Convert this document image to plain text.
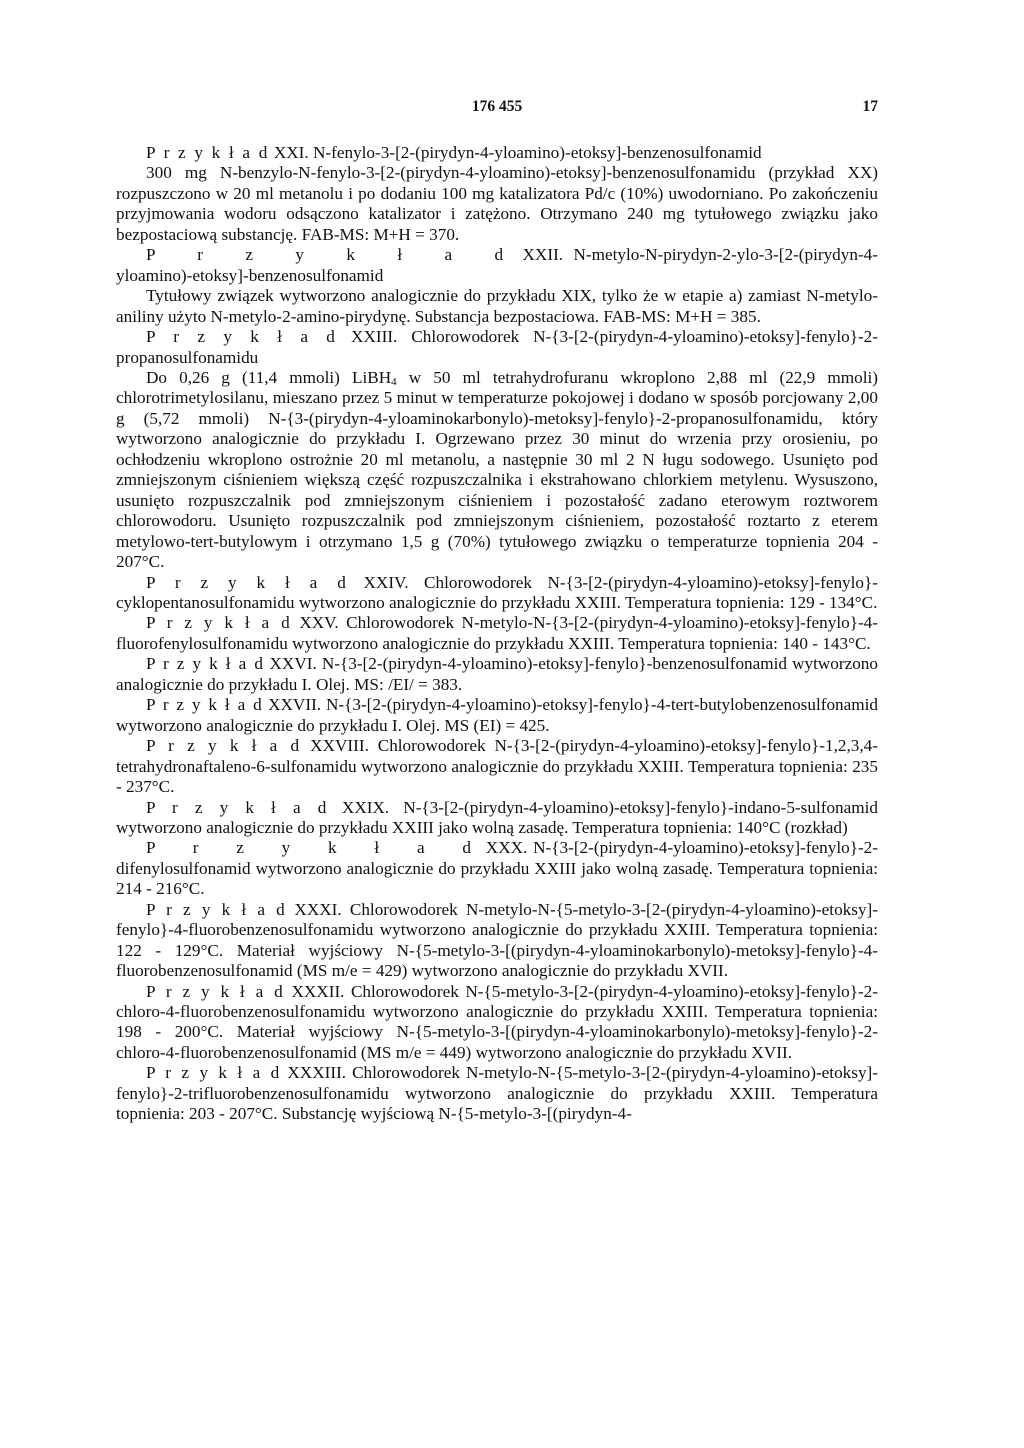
176 455	17

P r z y k ł a d XXI. N-fenylo-3-[2-(pirydyn-4-yloamino)-etoksy]-benzenosulfonamid

300 mg N-benzylo-N-fenylo-3-[2-(pirydyn-4-yloamino)-etoksy]-benzenosulfonamidu (przykład XX) rozpuszczono w 20 ml metanolu i po dodaniu 100 mg katalizatora Pd/c (10%) uwodorniano. Po zakończeniu przyjmowania wodoru odsączono katalizator i zatężono. Otrzymano 240 mg tytułowego związku jako bezpostaciową substancję. FAB-MS: M+H = 370.

P r z y k ł a d XXII. N-metylo-N-pirydyn-2-ylo-3-[2-(pirydyn-4-yloamino)-etoksy]-benzenosulfonamid

Tytułowy związek wytworzono analogicznie do przykładu XIX, tylko że w etapie a) zamiast N-metylo-aniliny użyto N-metylo-2-amino-pirydynę. Substancja bezpostaciowa. FAB-MS: M+H = 385.

P r z y k ł a d XXIII. Chlorowodorek N-{3-[2-(pirydyn-4-yloamino)-etoksy]-fenylo}-2-propanosulfonamidu

Do 0,26 g (11,4 mmoli) LiBH$_4$ w 50 ml tetrahydrofuranu wkroplono 2,88 ml (22,9 mmoli) chlorotrimetylosilanu, mieszano przez 5 minut w temperaturze pokojowej i dodano w sposób porcjowany 2,00 g (5,72 mmoli) N-{3-(pirydyn-4-yloaminokarbonylo)-metoksy]-fenylo}-2-propanosulfonamidu, który wytworzono analogicznie do przykładu I. Ogrzewano przez 30 minut do wrzenia przy orosieniu, po ochłodzeniu wkroplono ostrożnie 20 ml metanolu, a następnie 30 ml 2 N ługu sodowego. Usunięto pod zmniejszonym ciśnieniem większą część rozpuszczalnika i ekstrahowano chlorkiem metylenu. Wysuszono, usunięto rozpuszczalnik pod zmniejszonym ciśnieniem i pozostałość zadano eterowym roztworem chlorowodoru. Usunięto rozpuszczalnik pod zmniejszonym ciśnieniem, pozostałość roztarto z eterem metylowo-tert-butylowym i otrzymano 1,5 g (70%) tytułowego związku o temperaturze topnienia 204 - 207°C.

P r z y k ł a d XXIV. Chlorowodorek N-{3-[2-(pirydyn-4-yloamino)-etoksy]-fenylo}-cyklopentanosulfonamidu wytworzono analogicznie do przykładu XXIII. Temperatura topnienia: 129 - 134°C.

P r z y k ł a d XXV. Chlorowodorek N-metylo-N-{3-[2-(pirydyn-4-yloamino)-etoksy]-fenylo}-4-fluorofenylosulfonamidu wytworzono analogicznie do przykładu XXIII. Temperatura topnienia: 140 - 143°C.

P r z y k ł a d XXVI. N-{3-[2-(pirydyn-4-yloamino)-etoksy]-fenylo}-benzenosulfonamid wytworzono analogicznie do przykładu I. Olej. MS: /EI/ = 383.

P r z y k ł a d XXVII. N-{3-[2-(pirydyn-4-yloamino)-etoksy]-fenylo}-4-tert-butylobenzenosulfonamid wytworzono analogicznie do przykładu I. Olej. MS (EI) = 425.

P r z y k ł a d XXVIII. Chlorowodorek N-{3-[2-(pirydyn-4-yloamino)-etoksy]-fenylo}-1,2,3,4-tetrahydronaftaleno-6-sulfonamidu wytworzono analogicznie do przykładu XXIII. Temperatura topnienia: 235 - 237°C.

P r z y k ł a d XXIX. N-{3-[2-(pirydyn-4-yloamino)-etoksy]-fenylo}-indano-5-sulfonamid wytworzono analogicznie do przykładu XXIII jako wolną zasadę. Temperatura topnienia: 140°C (rozkład)

P r z y k ł a d XXX. N-{3-[2-(pirydyn-4-yloamino)-etoksy]-fenylo}-2-difenylosulfonamid wytworzono analogicznie do przykładu XXIII jako wolną zasadę. Temperatura topnienia: 214 - 216°C.

P r z y k ł a d XXXI. Chlorowodorek N-metylo-N-{5-metylo-3-[2-(pirydyn-4-yloamino)-etoksy]-fenylo}-4-fluorobenzenosulfonamidu wytworzono analogicznie do przykładu XXIII. Temperatura topnienia: 122 - 129°C. Materiał wyjściowy N-{5-metylo-3-[(pirydyn-4-yloaminokarbonylo)-metoksy]-fenylo}-4-fluorobenzenosulfonamid (MS m/e = 429) wytworzono analogicznie do przykładu XVII.

P r z y k ł a d XXXII. Chlorowodorek N-{5-metylo-3-[2-(pirydyn-4-yloamino)-etoksy]-fenylo}-2-chloro-4-fluorobenzenosulfonamidu wytworzono analogicznie do przykładu XXIII. Temperatura topnienia: 198 - 200°C. Materiał wyjściowy N-{5-metylo-3-[(pirydyn-4-yloaminokarbonylo)-metoksy]-fenylo}-2-chloro-4-fluorobenzenosulfonamid (MS m/e = 449) wytworzono analogicznie do przykładu XVII.

P r z y k ł a d XXXIII. Chlorowodorek N-metylo-N-{5-metylo-3-[2-(pirydyn-4-yloamino)-etoksy]-fenylo}-2-trifluorobenzenosulfonamidu wytworzono analogicznie do przykładu XXIII. Temperatura topnienia: 203 - 207°C. Substancję wyjściową N-{5-metylo-3-[(pirydyn-4-
